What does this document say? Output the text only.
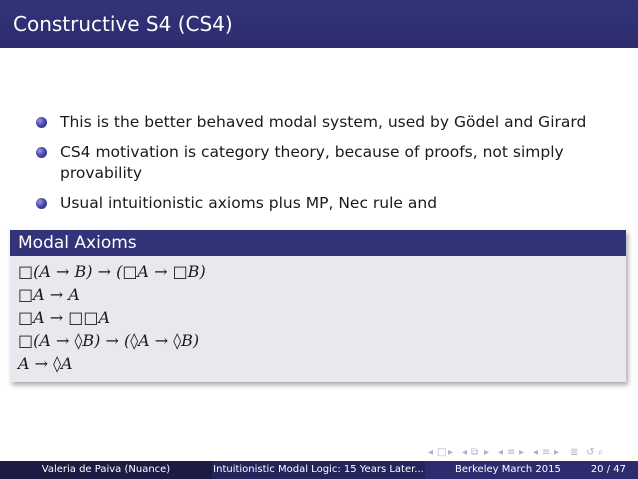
Constructive S4 (CS4)
This is the better behaved modal system, used by Gödel and Girard
CS4 motivation is category theory, because of proofs, not simply provability
Usual intuitionistic axioms plus MP, Nec rule and
Modal Axioms
□(A → B) → (□A → □B)
□A → A
□A → □□A
□(A → ◊B) → (◊A → ◊B)
A → ◊A
◂ □ ▸ ◂ ⧉ ▸ ◂ ≡ ▸ ◂ ≡ ▸ ≣ ↺ ⌕
Valeria de Paiva (Nuance)	Intuitionistic Modal Logic: 15 Years Later...	Berkeley March 2015	20 / 47
